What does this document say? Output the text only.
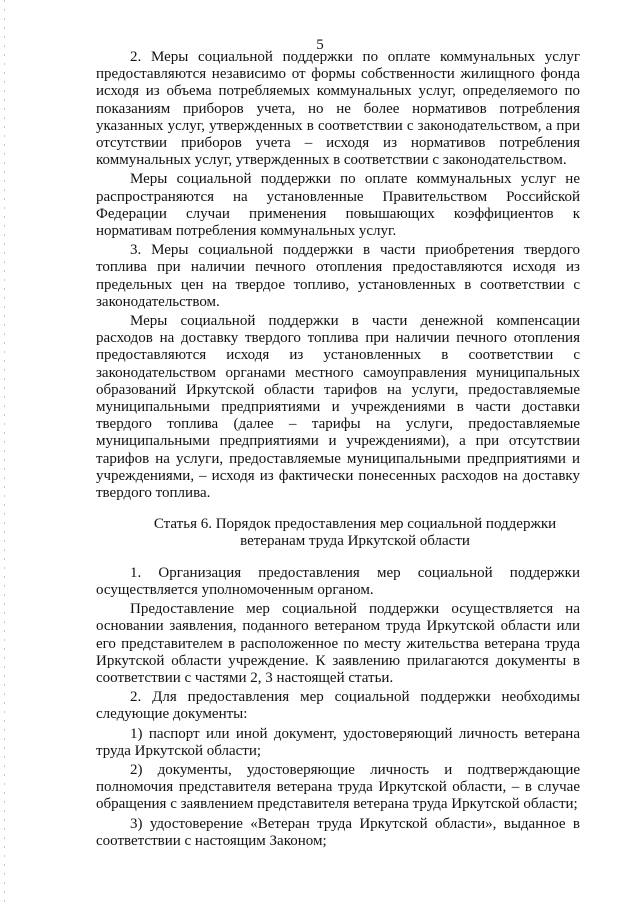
5

2. Меры социальной поддержки по оплате коммунальных услуг предоставляются независимо от формы собственности жилищного фонда исходя из объема потребляемых коммунальных услуг, определяемого по показаниям приборов учета, но не более нормативов потребления указанных услуг, утвержденных в соответствии с законодательством, а при отсутствии приборов учета – исходя из нормативов потребления коммунальных услуг, утвержденных в соответствии с законодательством.

Меры социальной поддержки по оплате коммунальных услуг не распространяются на установленные Правительством Российской Федерации случаи применения повышающих коэффициентов к нормативам потребления коммунальных услуг.

3. Меры социальной поддержки в части приобретения твердого топлива при наличии печного отопления предоставляются исходя из предельных цен на твердое топливо, установленных в соответствии с законодательством.

Меры социальной поддержки в части денежной компенсации расходов на доставку твердого топлива при наличии печного отопления предоставляются исходя из установленных в соответствии с законодательством органами местного самоуправления муниципальных образований Иркутской области тарифов на услуги, предоставляемые муниципальными предприятиями и учреждениями в части доставки твердого топлива (далее – тарифы на услуги, предоставляемые муниципальными предприятиями и учреждениями), а при отсутствии тарифов на услуги, предоставляемые муниципальными предприятиями и учреждениями, – исходя из фактически понесенных расходов на доставку твердого топлива.

Статья 6. Порядок предоставления мер социальной поддержки ветеранам труда Иркутской области

1. Организация предоставления мер социальной поддержки осуществляется уполномоченным органом.

Предоставление мер социальной поддержки осуществляется на основании заявления, поданного ветераном труда Иркутской области или его представителем в расположенное по месту жительства ветерана труда Иркутской области учреждение. К заявлению прилагаются документы в соответствии с частями 2, 3 настоящей статьи.

2. Для предоставления мер социальной поддержки необходимы следующие документы:

1) паспорт или иной документ, удостоверяющий личность ветерана труда Иркутской области;

2) документы, удостоверяющие личность и подтверждающие полномочия представителя ветерана труда Иркутской области, – в случае обращения с заявлением представителя ветерана труда Иркутской области;

3) удостоверение «Ветеран труда Иркутской области», выданное в соответствии с настоящим Законом;
